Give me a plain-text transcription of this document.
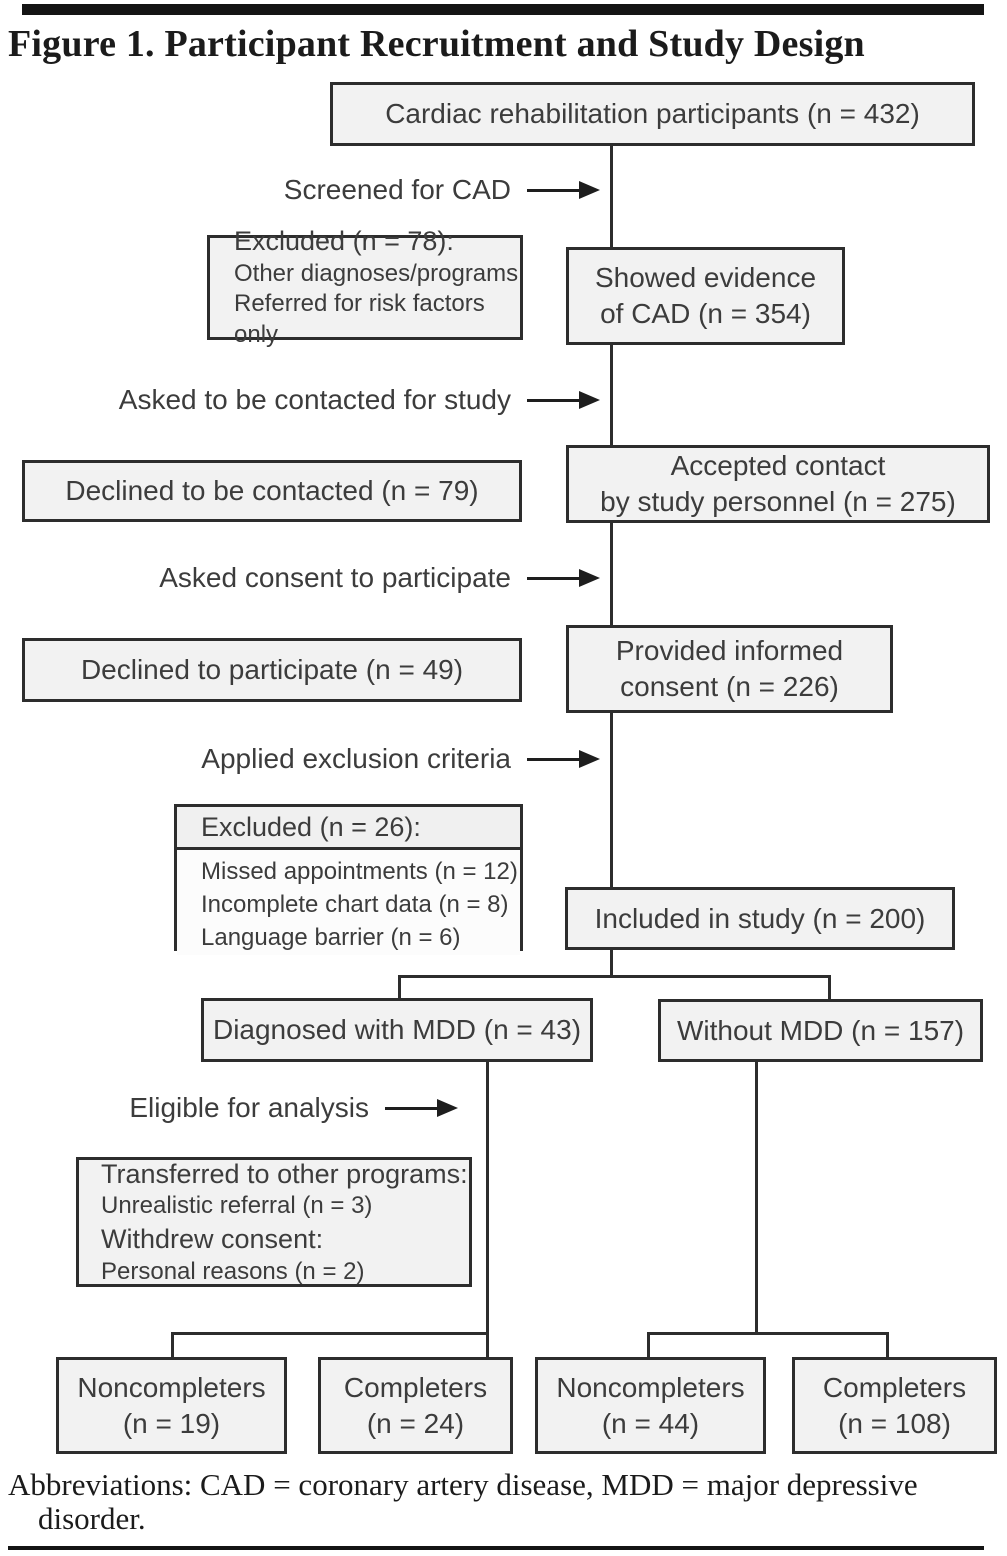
Figure 1. Participant Recruitment and Study Design
Cardiac rehabilitation participants (n = 432)
Screened for CAD
Excluded (n = 78):
Other diagnoses/programs
Referred for risk factors only
Showed evidence
of CAD (n = 354)
Asked to be contacted for study
Declined to be contacted (n = 79)
Accepted contact
by study personnel (n = 275)
Asked consent to participate
Declined to participate (n = 49)
Provided informed
consent (n = 226)
Applied exclusion criteria
Excluded (n = 26):
Missed appointments (n = 12)
Incomplete chart data (n = 8)
Language barrier (n = 6)
Included in study (n = 200)
Diagnosed with MDD (n = 43)	Without MDD (n = 157)
Eligible for analysis
Transferred to other programs:
Unrealistic referral (n = 3)
Withdrew consent:
Personal reasons (n = 2)
Noncompleters
(n = 19)
Completers
(n = 24)
Noncompleters
(n = 44)
Completers
(n = 108)
Abbreviations: CAD = coronary artery disease, MDD = major depressive
disorder.
